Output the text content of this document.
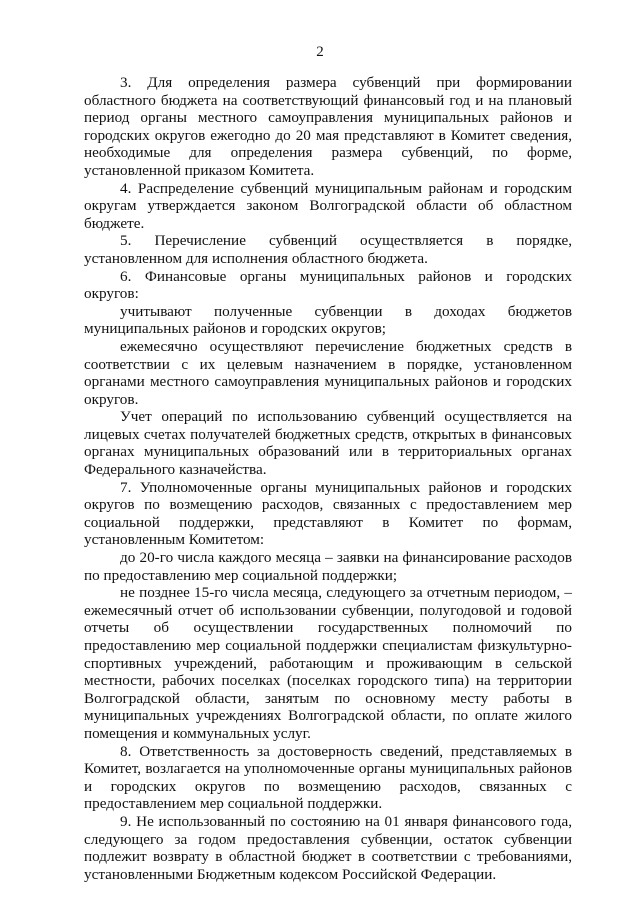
2

3. Для определения размера субвенций при формировании областного бюджета на соответствующий финансовый год и на плановый период органы местного самоуправления муниципальных районов и городских округов ежегодно до 20 мая представляют в Комитет сведения, необходимые для определения размера субвенций, по форме, установленной приказом Комитета.

4. Распределение субвенций муниципальным районам и городским округам утверждается законом Волгоградской области об областном бюджете.

5. Перечисление субвенций осуществляется в порядке, установленном для исполнения областного бюджета.

6. Финансовые органы муниципальных районов и городских округов:

учитывают полученные субвенции в доходах бюджетов муниципальных районов и городских округов;

ежемесячно осуществляют перечисление бюджетных средств в соответствии с их целевым назначением в порядке, установленном органами местного самоуправления муниципальных районов и городских округов.

Учет операций по использованию субвенций осуществляется на лицевых счетах получателей бюджетных средств, открытых в финансовых органах муниципальных образований или в территориальных органах Федерального казначейства.

7. Уполномоченные органы муниципальных районов и городских округов по возмещению расходов, связанных с предоставлением мер социальной поддержки, представляют в Комитет по формам, установленным Комитетом:

до 20-го числа каждого месяца – заявки на финансирование расходов по предоставлению мер социальной поддержки;

не позднее 15-го числа месяца, следующего за отчетным периодом, – ежемесячный отчет об использовании субвенции, полугодовой и годовой отчеты об осуществлении государственных полномочий по предоставлению мер социальной поддержки специалистам физкультурно-спортивных учреждений, работающим и проживающим в сельской местности, рабочих поселках (поселках городского типа) на территории Волгоградской области, занятым по основному месту работы в муниципальных учреждениях Волгоградской области, по оплате жилого помещения и коммунальных услуг.

8. Ответственность за достоверность сведений, представляемых в Комитет, возлагается на уполномоченные органы муниципальных районов и городских округов по возмещению расходов, связанных с предоставлением мер социальной поддержки.

9. Не использованный по состоянию на 01 января финансового года, следующего за годом предоставления субвенции, остаток субвенции подлежит возврату в областной бюджет в соответствии с требованиями, установленными Бюджетным кодексом Российской Федерации.
